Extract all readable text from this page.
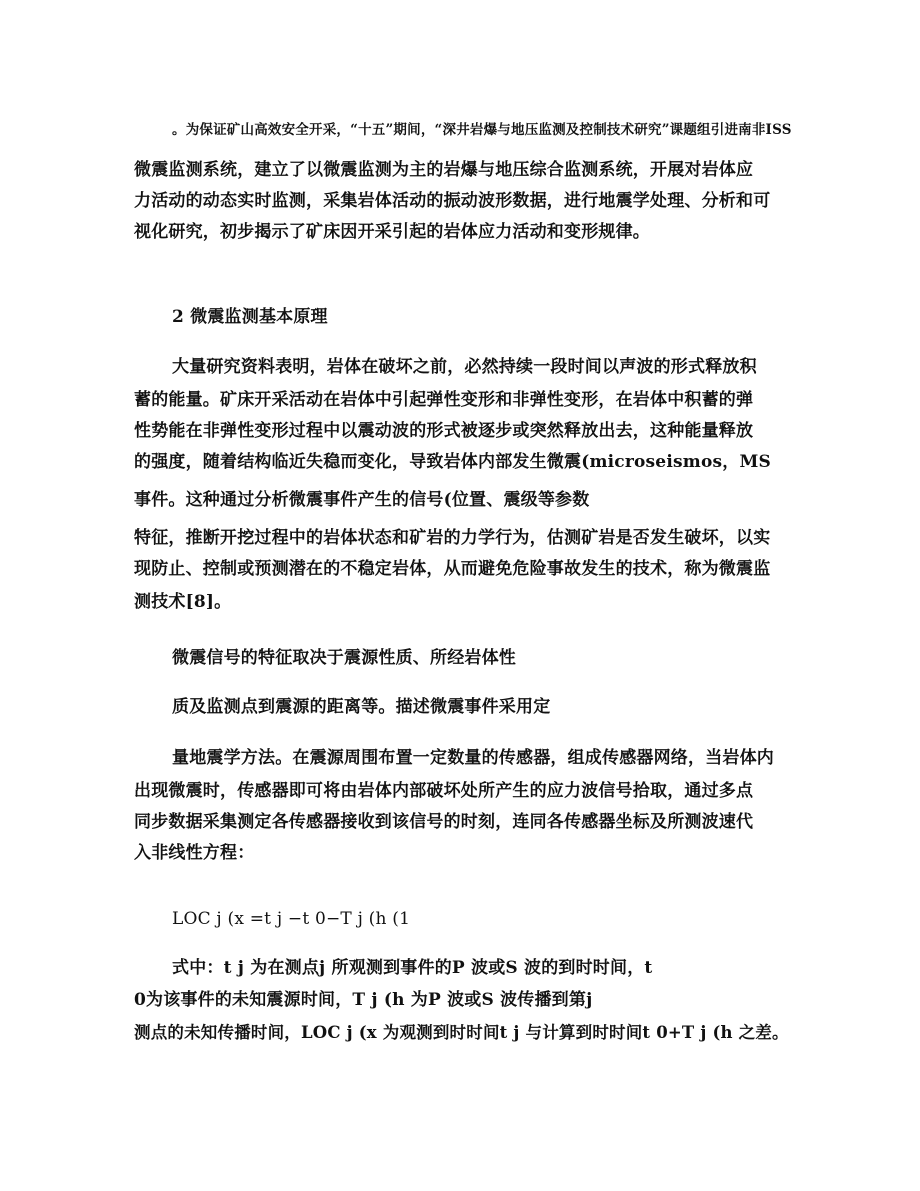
。为保证矿山高效安全开采，“十五”期间，“深井岩爆与地压监测及控制技术研究”课题组引进南非ISS
微震监测系统，建立了以微震监测为主的岩爆与地压综合监测系统，开展对岩体应
力活动的动态实时监测，采集岩体活动的振动波形数据，进行地震学处理、分析和可
视化研究，初步揭示了矿床因开采引起的岩体应力活动和变形规律。
2 微震监测基本原理
大量研究资料表明，岩体在破坏之前，必然持续一段时间以声波的形式释放积
蓄的能量。矿床开采活动在岩体中引起弹性变形和非弹性变形，在岩体中积蓄的弹
性势能在非弹性变形过程中以震动波的形式被逐步或突然释放出去，这种能量释放
的强度，随着结构临近失稳而变化，导致岩体内部发生微震(microseismos，MS
事件。这种通过分析微震事件产生的信号(位置、震级等参数
特征，推断开挖过程中的岩体状态和矿岩的力学行为，估测矿岩是否发生破坏，以实
现防止、控制或预测潜在的不稳定岩体，从而避免危险事故发生的技术，称为微震监
测技术[8]。
微震信号的特征取决于震源性质、所经岩体性
质及监测点到震源的距离等。描述微震事件采用定
量地震学方法。在震源周围布置一定数量的传感器，组成传感器网络，当岩体内
出现微震时，传感器即可将由岩体内部破坏处所产生的应力波信号拾取，通过多点
同步数据采集测定各传感器接收到该信号的时刻，连同各传感器坐标及所测波速代
入非线性方程：
LOC j (x =t j −t 0−T j (h (1
式中：t j 为在测点j 所观测到事件的P 波或S 波的到时时间，t
0为该事件的未知震源时间，T j (h 为P 波或S 波传播到第j
测点的未知传播时间，LOC j (x 为观测到时时间t j 与计算到时时间t 0+T j (h 之差。
